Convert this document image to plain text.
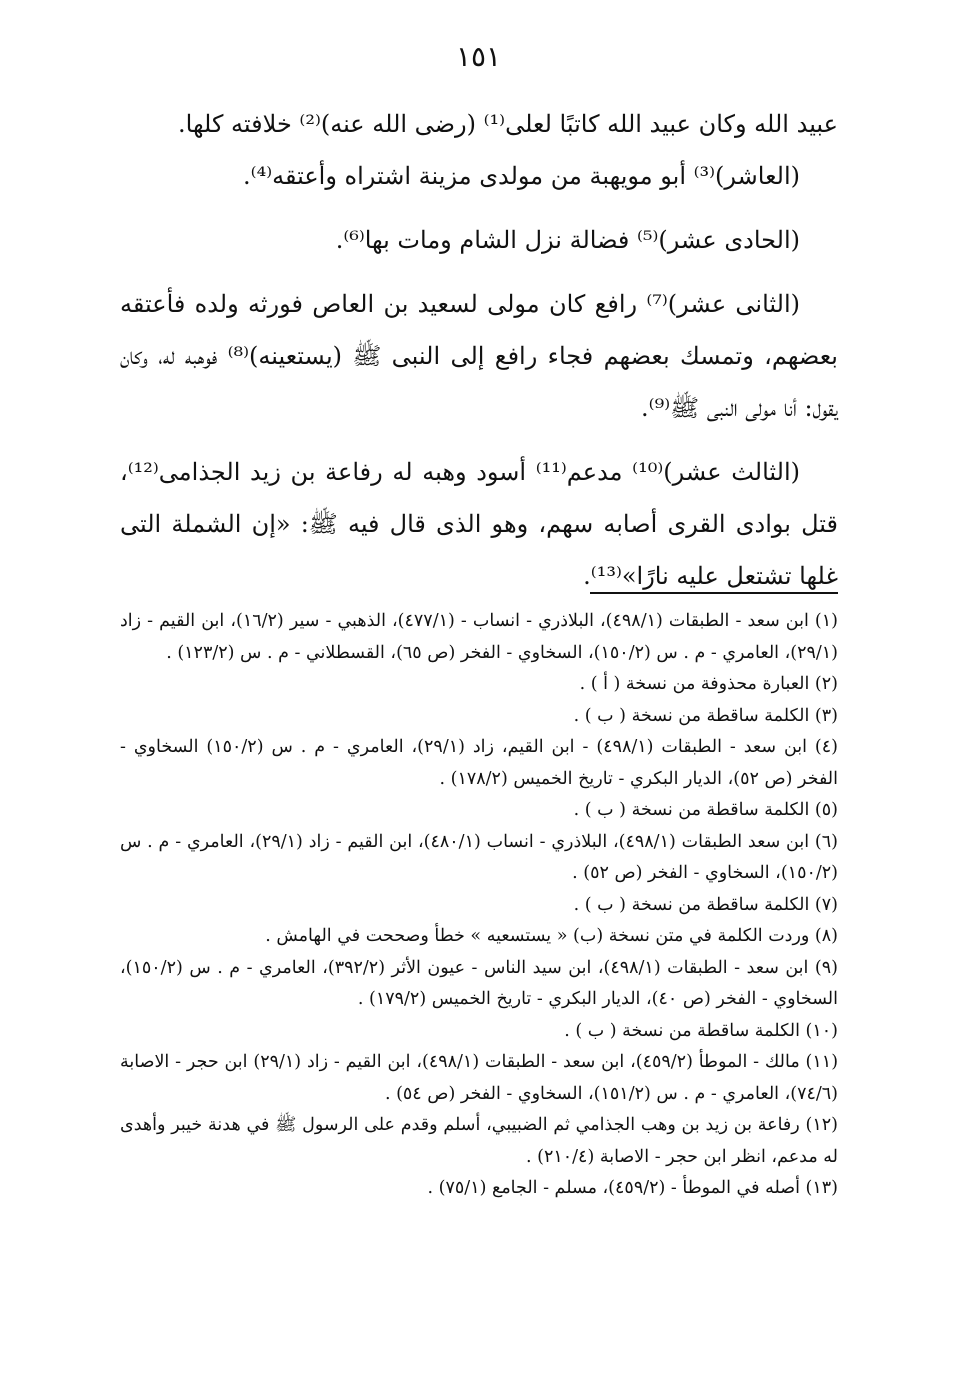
١٥١

عبيد الله وكان عبيد الله كاتبًا لعلى⁽¹⁾ (رضى الله عنه)⁽²⁾ خلافته كلها.

(العاشر)⁽³⁾ أبو مويهبة من مولدى مزينة اشتراه وأعتقه⁽⁴⁾.

(الحادى عشر)⁽⁵⁾ فضالة نزل الشام ومات بها⁽⁶⁾.

(الثانى عشر)⁽⁷⁾ رافع كان مولى لسعيد بن العاص فورثه ولده فأعتقه بعضهم، وتمسك بعضهم فجاء رافع إلى النبى ﷺ (يستعينه)⁽⁸⁾ فوهبه له، وكان يقول: أنا مولى النبى ﷺ⁽⁹⁾.

(الثالث عشر)⁽¹⁰⁾ مدعم⁽¹¹⁾ أسود وهبه له رفاعة بن زيد الجذامى⁽¹²⁾، قتل بوادى القرى أصابه سهم، وهو الذى قال فيه ﷺ: «إن الشملة التى غلها تشتعل عليه نارًا»⁽¹³⁾.

(١) ابن سعد - الطبقات (٤٩٨/١)، البلاذري - انساب - (٤٧٧/١)، الذهبي - سير (١٦/٢)، ابن القيم - زاد (٢٩/١)، العامري - م . س (١٥٠/٢)، السخاوي - الفخر (ص ٦٥)، القسطلاني - م . س (١٢٣/٢) .

(٢) العبارة محذوفة من نسخة ( أ ) .

(٣) الكلمة ساقطة من نسخة ( ب ) .

(٤) ابن سعد - الطبقات (٤٩٨/١) - ابن القيم، زاد (٢٩/١)، العامري - م . س (١٥٠/٢) السخاوي - الفخر (ص ٥٢)، الديار البكري - تاريخ الخميس (١٧٨/٢) .

(٥) الكلمة ساقطة من نسخة ( ب ) .

(٦) ابن سعد الطبقات (٤٩٨/١)، البلاذري - انساب (٤٨٠/١)، ابن القيم - زاد (٢٩/١)، العامري - م . س (١٥٠/٢)، السخاوي - الفخر (ص ٥٢) .

(٧) الكلمة ساقطة من نسخة ( ب ) .

(٨) وردت الكلمة في متن نسخة (ب) « يستسعيه » خطأ وصححت في الهامش .

(٩) ابن سعد - الطبقات (٤٩٨/١)، ابن سيد الناس - عيون الأثر (٣٩٢/٢)، العامري - م . س (١٥٠/٢)، السخاوي - الفخر (ص ٤٠)، الديار البكري - تاريخ الخميس (١٧٩/٢) .

(١٠) الكلمة ساقطة من نسخة ( ب ) .

(١١) مالك - الموطأ (٤٥٩/٢)، ابن سعد - الطبقات (٤٩٨/١)، ابن القيم - زاد (٢٩/١) ابن حجر - الاصابة (٧٤/٦)، العامري - م . س (١٥١/٢)، السخاوي - الفخر (ص ٥٤) .

(١٢) رفاعة بن زيد بن وهب الجذامي ثم الضبيبي، أسلم وقدم على الرسول ﷺ في هدنة خيبر وأهدى له مدعم، انظر ابن حجر - الاصابة (٢١٠/٤) .

(١٣) أصله في الموطأ - (٤٥٩/٢)، مسلم - الجامع (٧٥/١) .
